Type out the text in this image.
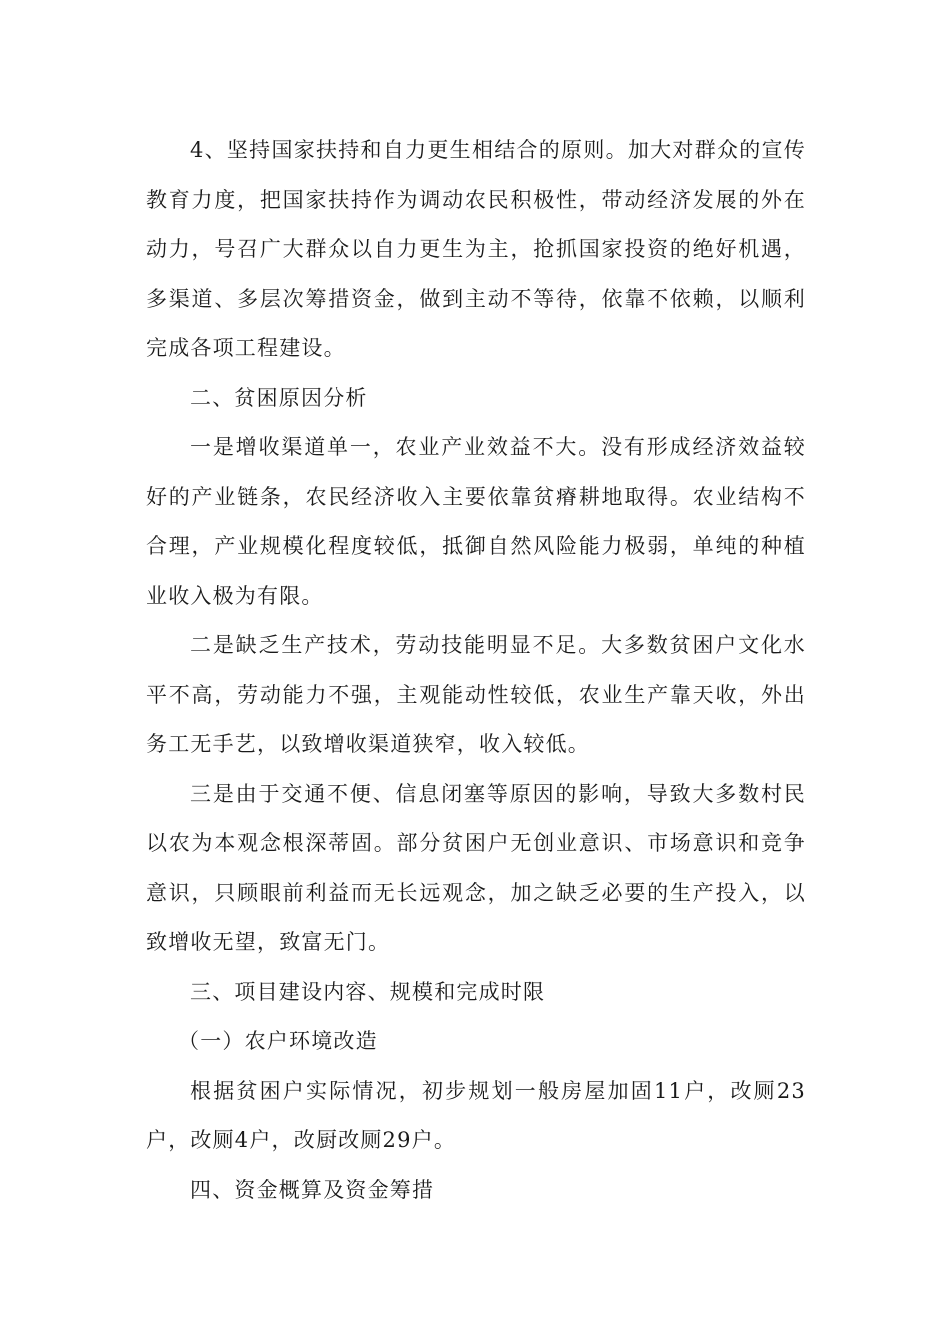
4、坚持国家扶持和自力更生相结合的原则。加大对群众的宣传教育力度，把国家扶持作为调动农民积极性，带动经济发展的外在动力，号召广大群众以自力更生为主，抢抓国家投资的绝好机遇，多渠道、多层次筹措资金，做到主动不等待，依靠不依赖，以顺利完成各项工程建设。

二、贫困原因分析

一是增收渠道单一，农业产业效益不大。没有形成经济效益较好的产业链条，农民经济收入主要依靠贫瘠耕地取得。农业结构不合理，产业规模化程度较低，抵御自然风险能力极弱，单纯的种植业收入极为有限。

二是缺乏生产技术，劳动技能明显不足。大多数贫困户文化水平不高，劳动能力不强，主观能动性较低，农业生产靠天收，外出务工无手艺，以致增收渠道狭窄，收入较低。

三是由于交通不便、信息闭塞等原因的影响，导致大多数村民以农为本观念根深蒂固。部分贫困户无创业意识、市场意识和竞争意识，只顾眼前利益而无长远观念，加之缺乏必要的生产投入，以致增收无望，致富无门。

三、项目建设内容、规模和完成时限

（一）农户环境改造

根据贫困户实际情况，初步规划一般房屋加固11户，改厕23户，改厕4户，改厨改厕29户。

四、资金概算及资金筹措
